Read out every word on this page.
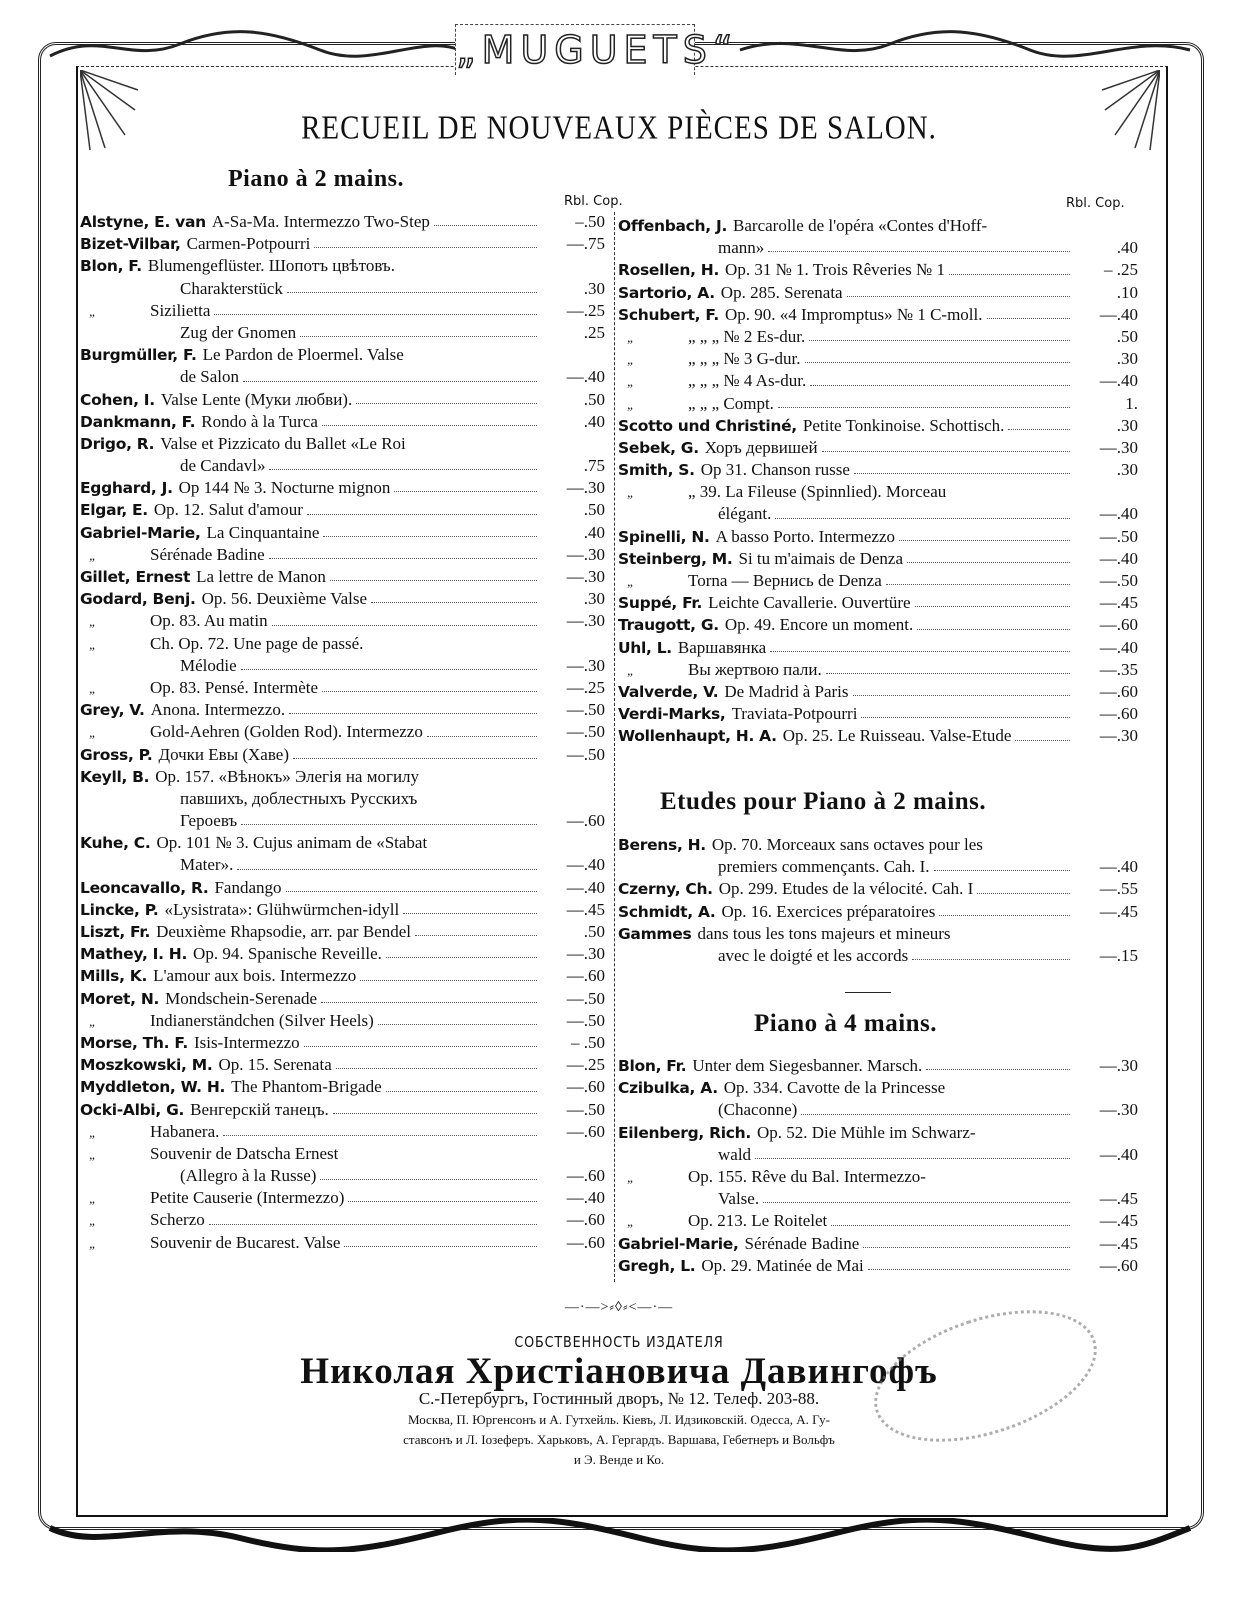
„MUGUETS“
RECUEIL DE NOUVEAUX PIÈCES DE SALON.
Piano à 2 mains.
Rbl. Cop.	Rbl. Cop.
Alstyne, E. van A-Sa-Ma. Intermezzo Two-Step	–.50
Bizet-Vilbar, Carmen-Potpourri	—.75
Blon, F. Blumengeflüster. Шопотъ цвѣтовъ.
Charakterstück	.30
„	Sizilietta	—.25
Zug der Gnomen	.25
Burgmüller, F. Le Pardon de Ploermel. Valse
de Salon	—.40
Cohen, I. Valse Lente (Муки любви).	.50
Dankmann, F. Rondo à la Turca	.40
Drigo, R. Valse et Pizzicato du Ballet «Le Roi
de Candavl»	.75
Egghard, J. Op 144 № 3. Nocturne mignon	—.30
Elgar, E. Op. 12. Salut d'amour	.50
Gabriel-Marie, La Cinquantaine	.40
„	Sérénade Badine	—.30
Gillet, Ernest La lettre de Manon	—.30
Godard, Benj. Op. 56. Deuxième Valse	.30
„	Op. 83. Au matin	—.30
„	Ch. Op. 72. Une page de passé.
Mélodie	—.30
„	Op. 83. Pensé. Intermète	—.25
Grey, V. Anona. Intermezzo.	—.50
„	Gold-Aehren (Golden Rod). Intermezzo	—.50
Gross, P. Дочки Евы (Хаве)	—.50
Keyll, B. Op. 157. «Вѣнокъ» Элегія на могилу
павшихъ, доблестныхъ Русскихъ
Героевъ	—.60
Kuhe, C. Op. 101 № 3. Cujus animam de «Stabat
Mater».	—.40
Leoncavallo, R. Fandango	—.40
Lincke, P. «Lysistrata»: Glühwürmchen-idyll	—.45
Liszt, Fr. Deuxième Rhapsodie, arr. par Bendel	.50
Mathey, I. H. Op. 94. Spanische Reveille.	—.30
Mills, K. L'amour aux bois. Intermezzo	—.60
Moret, N. Mondschein-Serenade	—.50
„	Indianerständchen (Silver Heels)	—.50
Morse, Th. F. Isis-Intermezzo	– .50
Moszkowski, M. Op. 15. Serenata	—.25
Myddleton, W. H. The Phantom-Brigade	—.60
Ocki-Albi, G. Венгерскій танецъ.	—.50
„	Habanera.	—.60
„	Souvenir de Datscha Ernest
(Allegro à la Russe)	—.60
„	Petite Causerie (Intermezzo)	—.40
„	Scherzo	—.60
„	Souvenir de Bucarest. Valse	—.60
Offenbach, J. Barcarolle de l'opéra «Contes d'Hoff-
mann»	.40
Rosellen, H. Op. 31 № 1. Trois Rêveries № 1	– .25
Sartorio, A. Op. 285. Serenata	.10
Schubert, F. Op. 90. «4 Impromptus» № 1 C-moll.	—.40
„	„ „ „ № 2 Es-dur.	.50
„	„ „ „ № 3 G-dur.	.30
„	„ „ „ № 4 As-dur.	—.40
„	„ „ „ Compt.	1.
Scotto und Christiné, Petite Tonkinoise. Schottisch.	.30
Sebek, G. Хоръ дервишей	—.30
Smith, S. Op 31. Chanson russe	.30
„	„ 39. La Fileuse (Spinnlied). Morceau
élégant.	—.40
Spinelli, N. A basso Porto. Intermezzo	—.50
Steinberg, M. Si tu m'aimais de Denza	—.40
„	Torna — Вернись de Denza	—.50
Suppé, Fr. Leichte Cavallerie. Ouvertüre	—.45
Traugott, G. Op. 49. Encore un moment.	—.60
Uhl, L. Варшавянка	—.40
„	Вы жертвою пали.	—.35
Valverde, V. De Madrid à Paris	—.60
Verdi-Marks, Traviata-Potpourri	—.60
Wollenhaupt, H. A. Op. 25. Le Ruisseau. Valse-Etude	—.30
Etudes pour Piano à 2 mains.
Berens, H. Op. 70. Morceaux sans octaves pour les
premiers commençants. Cah. I.	—.40
Czerny, Ch. Op. 299. Etudes de la vélocité. Cah. I	—.55
Schmidt, A. Op. 16. Exercices préparatoires	—.45
Gammes dans tous les tons majeurs et mineurs
avec le doigté et les accords	—.15
Piano à 4 mains.
Blon, Fr. Unter dem Siegesbanner. Marsch.	—.30
Czibulka, A. Op. 334. Cavotte de la Princesse
(Chaconne)	—.30
Eilenberg, Rich. Op. 52. Die Mühle im Schwarz-
wald	—.40
„	Op. 155. Rêve du Bal. Intermezzo-
Valse.	—.45
„	Op. 213. Le Roitelet	—.45
Gabriel-Marie, Sérénade Badine	—.45
Gregh, L. Op. 29. Matinée de Mai	—.60
—·—>⸗◊⸗<—·—
СОБСТВЕННОСТЬ ИЗДАТЕЛЯ
Николая Христіановича Давингофъ
С.-Петербургъ, Гостинный дворъ, № 12. Телеф. 203-88.
Москва, П. Юргенсонъ и А. Гутхейль. Кіевъ, Л. Идзиковскій. Одесса, А. Гу-
ставсонъ и Л. Іозеферъ. Харьковъ, А. Гергардъ. Варшава, Гебетнеръ и Вольфъ
и Э. Венде и Ко.
